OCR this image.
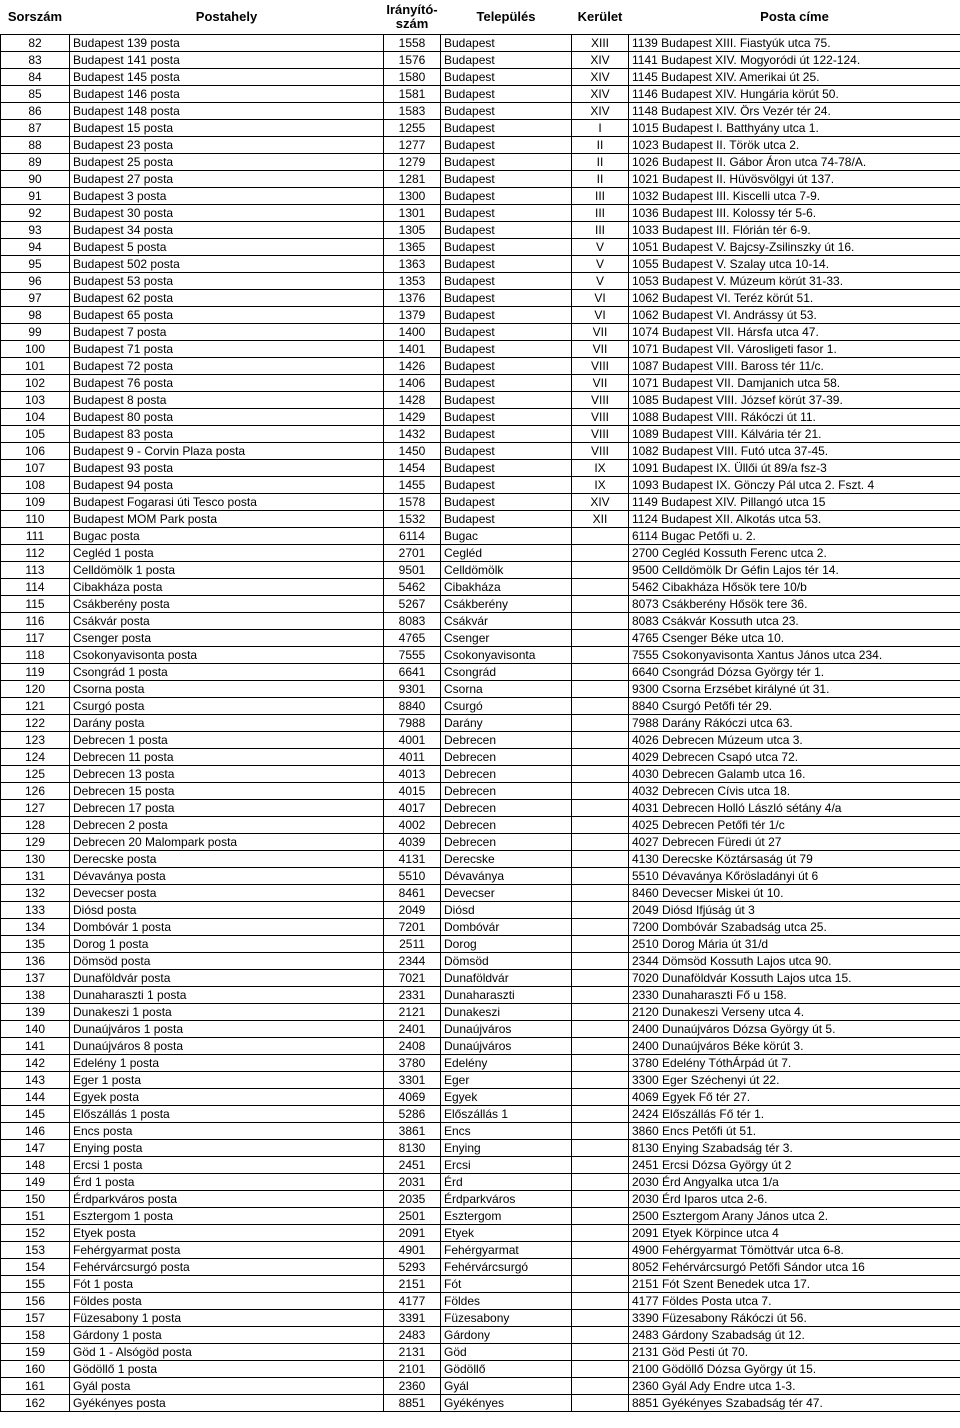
Sorszám	Postahely	Irányító-szám	Település	Kerület	Posta címe
82	Budapest 139 posta	1558	Budapest	XIII	1139 Budapest XIII. Fiastyúk utca 75.
83	Budapest 141 posta	1576	Budapest	XIV	1141 Budapest XIV. Mogyoródi út 122-124.
84	Budapest 145 posta	1580	Budapest	XIV	1145 Budapest XIV. Amerikai út 25.
85	Budapest 146 posta	1581	Budapest	XIV	1146 Budapest XIV. Hungária körút 50.
86	Budapest 148 posta	1583	Budapest	XIV	1148 Budapest XIV. Örs Vezér tér 24.
87	Budapest 15 posta	1255	Budapest	I	1015 Budapest I. Batthyány utca 1.
88	Budapest 23 posta	1277	Budapest	II	1023 Budapest II. Török utca 2.
89	Budapest 25 posta	1279	Budapest	II	1026 Budapest II. Gábor Áron utca 74-78/A.
90	Budapest 27 posta	1281	Budapest	II	1021 Budapest II. Hüvösvölgyi út 137.
91	Budapest 3 posta	1300	Budapest	III	1032 Budapest III. Kiscelli utca 7-9.
92	Budapest 30 posta	1301	Budapest	III	1036 Budapest III. Kolossy tér 5-6.
93	Budapest 34 posta	1305	Budapest	III	1033 Budapest III. Flórián tér 6-9.
94	Budapest 5 posta	1365	Budapest	V	1051 Budapest V. Bajcsy-Zsilinszky út 16.
95	Budapest 502 posta	1363	Budapest	V	1055 Budapest V. Szalay utca 10-14.
96	Budapest 53 posta	1353	Budapest	V	1053 Budapest V. Múzeum körút 31-33.
97	Budapest 62 posta	1376	Budapest	VI	1062 Budapest VI. Teréz körút 51.
98	Budapest 65 posta	1379	Budapest	VI	1062 Budapest VI. Andrássy út 53.
99	Budapest 7 posta	1400	Budapest	VII	1074 Budapest VII. Hársfa utca 47.
100	Budapest 71 posta	1401	Budapest	VII	1071 Budapest VII. Városligeti fasor 1.
101	Budapest 72 posta	1426	Budapest	VIII	1087 Budapest VIII. Baross tér 11/c.
102	Budapest 76 posta	1406	Budapest	VII	1071 Budapest VII. Damjanich utca 58.
103	Budapest 8 posta	1428	Budapest	VIII	1085 Budapest VIII. József körút 37-39.
104	Budapest 80 posta	1429	Budapest	VIII	1088 Budapest VIII. Rákóczi út 11.
105	Budapest 83 posta	1432	Budapest	VIII	1089 Budapest VIII. Kálvária tér 21.
106	Budapest 9 - Corvin Plaza posta	1450	Budapest	VIII	1082 Budapest VIII. Futó utca 37-45.
107	Budapest 93 posta	1454	Budapest	IX	1091 Budapest IX. Üllői út 89/a fsz-3
108	Budapest 94 posta	1455	Budapest	IX	1093 Budapest IX. Gönczy Pál utca 2. Fszt. 4
109	Budapest Fogarasi úti Tesco posta	1578	Budapest	XIV	1149 Budapest XIV. Pillangó utca 15
110	Budapest MOM Park posta	1532	Budapest	XII	1124 Budapest XII. Alkotás utca 53.
111	Bugac posta	6114	Bugac		6114 Bugac Petőfi u. 2.
112	Cegléd 1 posta	2701	Cegléd		2700 Cegléd Kossuth Ferenc utca 2.
113	Celldömölk 1 posta	9501	Celldömölk		9500 Celldömölk Dr Géfin Lajos tér 14.
114	Cibakháza posta	5462	Cibakháza		5462 Cibakháza Hősök tere 10/b
115	Csákberény posta	5267	Csákberény		8073 Csákberény Hősök tere 36.
116	Csákvár posta	8083	Csákvár		8083 Csákvár Kossuth utca 23.
117	Csenger posta	4765	Csenger		4765 Csenger Béke utca 10.
118	Csokonyavisonta posta	7555	Csokonyavisonta		7555 Csokonyavisonta Xantus János utca 234.
119	Csongrád 1 posta	6641	Csongrád		6640 Csongrád Dózsa György tér 1.
120	Csorna posta	9301	Csorna		9300 Csorna Erzsébet királyné út 31.
121	Csurgó posta	8840	Csurgó		8840 Csurgó Petőfi tér 29.
122	Darány posta	7988	Darány		7988 Darány Rákóczi utca 63.
123	Debrecen 1 posta	4001	Debrecen		4026 Debrecen Múzeum utca 3.
124	Debrecen 11 posta	4011	Debrecen		4029 Debrecen Csapó utca 72.
125	Debrecen 13 posta	4013	Debrecen		4030 Debrecen Galamb utca 16.
126	Debrecen 15 posta	4015	Debrecen		4032 Debrecen Cívis utca 18.
127	Debrecen 17 posta	4017	Debrecen		4031 Debrecen Holló László sétány 4/a
128	Debrecen 2 posta	4002	Debrecen		4025 Debrecen Petőfi tér 1/c
129	Debrecen 20 Malompark posta	4039	Debrecen		4027 Debrecen Füredi út 27
130	Derecske posta	4131	Derecske		4130 Derecske Köztársaság út 79
131	Dévaványa posta	5510	Dévaványa		5510 Dévaványa Kőrösladányi út 6
132	Devecser posta	8461	Devecser		8460 Devecser Miskei út 10.
133	Diósd posta	2049	Diósd		2049 Diósd Ifjúság út 3
134	Dombóvár 1 posta	7201	Dombóvár		7200 Dombóvár Szabadság utca 25.
135	Dorog 1 posta	2511	Dorog		2510 Dorog Mária út 31/d
136	Dömsöd posta	2344	Dömsöd		2344 Dömsöd Kossuth Lajos utca 90.
137	Dunaföldvár posta	7021	Dunaföldvár		7020 Dunaföldvár Kossuth Lajos utca 15.
138	Dunaharaszti 1 posta	2331	Dunaharaszti		2330 Dunaharaszti Fő u 158.
139	Dunakeszi 1 posta	2121	Dunakeszi		2120 Dunakeszi Verseny utca 4.
140	Dunaújváros 1 posta	2401	Dunaújváros		2400 Dunaújváros Dózsa György út 5.
141	Dunaújváros 8 posta	2408	Dunaújváros		2400 Dunaújváros Béke körút 3.
142	Edelény 1 posta	3780	Edelény		3780 Edelény TóthÁrpád út 7.
143	Eger 1 posta	3301	Eger		3300 Eger Széchenyi út 22.
144	Egyek posta	4069	Egyek		4069 Egyek Fő tér 27.
145	Előszállás 1 posta	5286	Előszállás 1		2424 Előszállás Fő tér 1.
146	Encs posta	3861	Encs		3860 Encs Petőfi út 51.
147	Enying posta	8130	Enying		8130 Enying Szabadság tér 3.
148	Ercsi 1 posta	2451	Ercsi		2451 Ercsi Dózsa György út 2
149	Érd 1 posta	2031	Érd		2030 Érd Angyalka utca 1/a
150	Érdparkváros posta	2035	Érdparkváros		2030 Érd Iparos utca 2-6.
151	Esztergom 1 posta	2501	Esztergom		2500 Esztergom Arany János utca 2.
152	Etyek posta	2091	Etyek		2091 Etyek Körpince utca 4
153	Fehérgyarmat posta	4901	Fehérgyarmat		4900 Fehérgyarmat Tömöttvár utca 6-8.
154	Fehérvárcsurgó posta	5293	Fehérvárcsurgó		8052 Fehérvárcsurgó Petőfi Sándor utca 16
155	Fót 1 posta	2151	Fót		2151 Fót Szent Benedek utca 17.
156	Földes posta	4177	Földes		4177 Földes Posta utca 7.
157	Füzesabony 1 posta	3391	Füzesabony		3390 Füzesabony Rákóczi út 56.
158	Gárdony 1 posta	2483	Gárdony		2483 Gárdony Szabadság út 12.
159	Göd 1 - Alsógöd posta	2131	Göd		2131 Göd Pesti út 70.
160	Gödöllő 1 posta	2101	Gödöllő		2100 Gödöllő Dózsa György út 15.
161	Gyál posta	2360	Gyál		2360 Gyál Ady Endre utca 1-3.
162	Gyékényes posta	8851	Gyékényes		8851 Gyékényes Szabadság tér 47.
